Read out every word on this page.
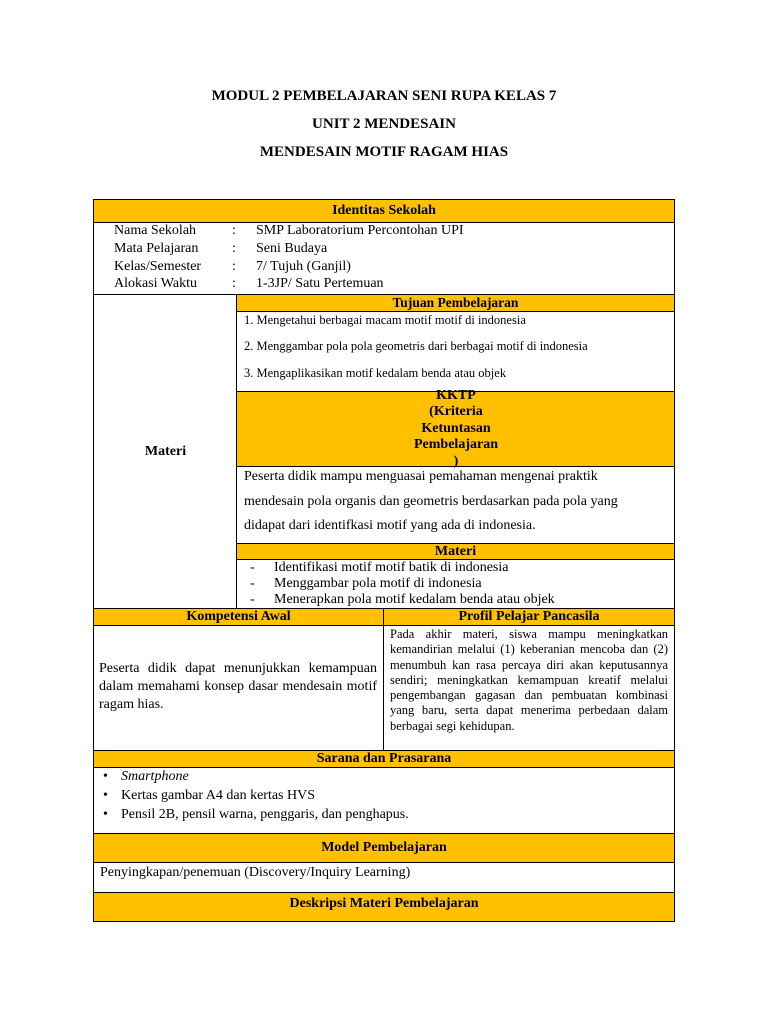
MODUL 2 PEMBELAJARAN SENI RUPA KELAS 7
UNIT 2 MENDESAIN
MENDESAIN MOTIF RAGAM HIAS
Identitas Sekolah
Nama Sekolah	:	SMP Laboratorium Percontohan UPI
Mata Pelajaran	:	Seni Budaya
Kelas/Semester	:	7/ Tujuh (Ganjil)
Alokasi Waktu	:	1-3JP/ Satu Pertemuan
Materi
Tujuan Pembelajaran
1. Mengetahui berbagai macam motif motif di indonesia
2. Menggambar pola pola geometris dari berbagai motif di indonesia
3. Mengaplikasikan motif kedalam benda atau objek
KKTP
(Kriteria
Ketuntasan
Pembelajaran
)
Peserta didik mampu menguasai pemahaman mengenai praktik
mendesain pola organis dan geometris berdasarkan pada pola yang
didapat dari identifkasi motif yang ada di indonesia.
Materi
- Identifikasi motif motif batik di indonesia
- Menggambar pola motif di indonesia
- Menerapkan pola motif kedalam benda atau objek
Kompetensi Awal	Profil Pelajar Pancasila
Peserta didik dapat menunjukkan kemampuan dalam memahami konsep dasar mendesain motif ragam hias.
Pada akhir materi, siswa mampu meningkatkan kemandirian melalui (1) keberanian mencoba dan (2) menumbuh kan rasa percaya diri akan keputusannya sendiri; meningkatkan kemampuan kreatif melalui pengembangan gagasan dan pembuatan kombinasi yang baru, serta dapat menerima perbedaan dalam berbagai segi kehidupan.
Sarana dan Prasarana
• Smartphone
• Kertas gambar A4 dan kertas HVS
• Pensil 2B, pensil warna, penggaris, dan penghapus.
Model Pembelajaran
Penyingkapan/penemuan (Discovery/Inquiry Learning)
Deskripsi Materi Pembelajaran
